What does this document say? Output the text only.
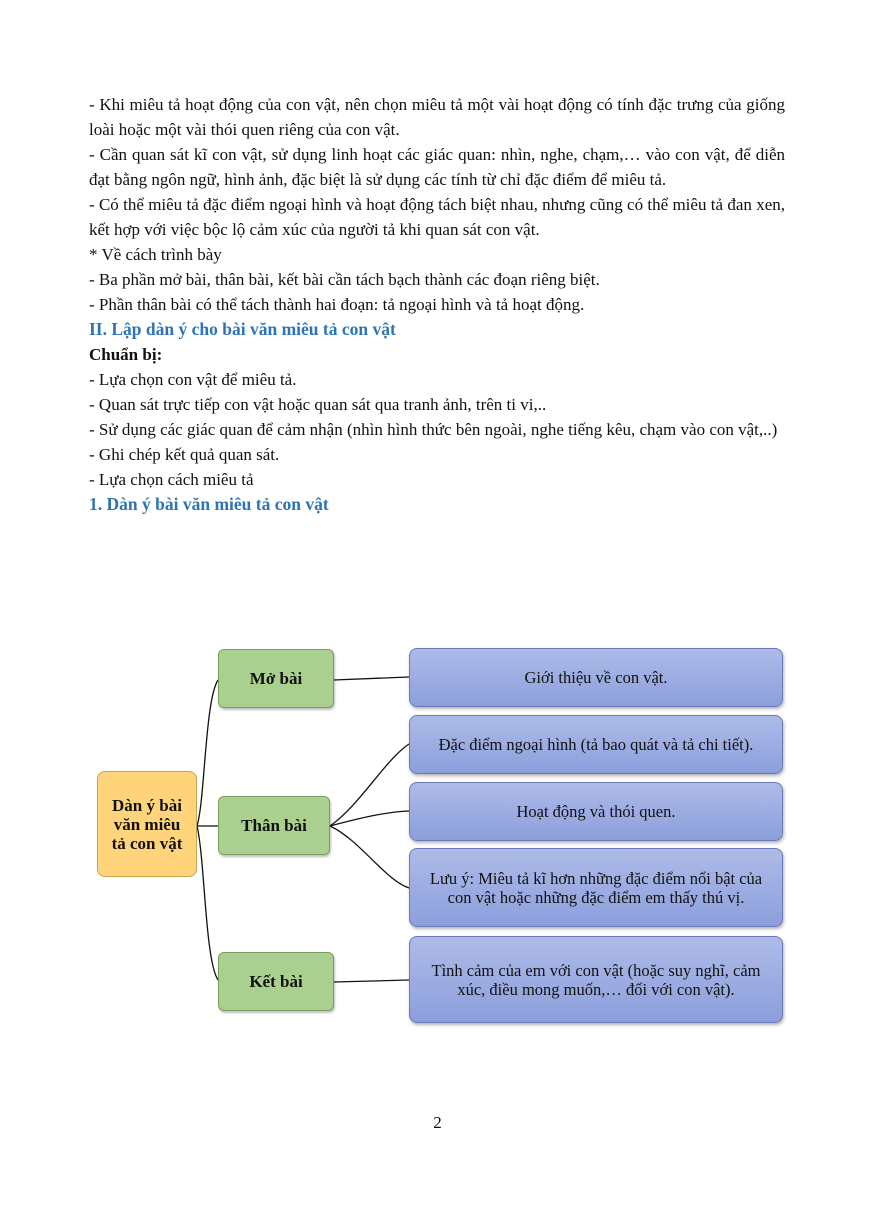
- Khi miêu tả hoạt động của con vật, nên chọn miêu tả một vài hoạt động có tính đặc trưng của giống loài hoặc một vài thói quen riêng của con vật.

- Cần quan sát kĩ con vật, sử dụng linh hoạt các giác quan: nhìn, nghe, chạm,… vào con vật, để diễn đạt bằng ngôn ngữ, hình ảnh, đặc biệt là sử dụng các tính từ chỉ đặc điểm để miêu tả.

- Có thể miêu tả đặc điểm ngoại hình và hoạt động tách biệt nhau, nhưng cũng có thể miêu tả đan xen, kết hợp với việc bộc lộ cảm xúc của người tả khi quan sát con vật.

* Về cách trình bày

- Ba phần mở bài, thân bài, kết bài cần tách bạch thành các đoạn riêng biệt.

- Phần thân bài có thể tách thành hai đoạn: tả ngoại hình và tả hoạt động.

II. Lập dàn ý cho bài văn miêu tả con vật

Chuẩn bị:

- Lựa chọn con vật để miêu tả.

- Quan sát trực tiếp con vật hoặc quan sát qua tranh ảnh, trên ti vi,..

- Sử dụng các giác quan để cảm nhận (nhìn hình thức bên ngoài, nghe tiếng kêu, chạm vào con vật,..)

- Ghi chép kết quả quan sát.

- Lựa chọn cách miêu tả

1. Dàn ý bài văn miêu tả con vật

Dàn ý bài văn miêu tả con vật
Mở bài
Thân bài
Kết bài
Giới thiệu về con vật.
Đặc điểm ngoại hình (tả bao quát và tả chi tiết).
Hoạt động và thói quen.
Lưu ý: Miêu tả kĩ hơn những đặc điểm nổi bật của con vật hoặc những đặc điểm em thấy thú vị.
Tình cảm của em với con vật (hoặc suy nghĩ, cảm xúc, điều mong muốn,… đối với con vật).
2
